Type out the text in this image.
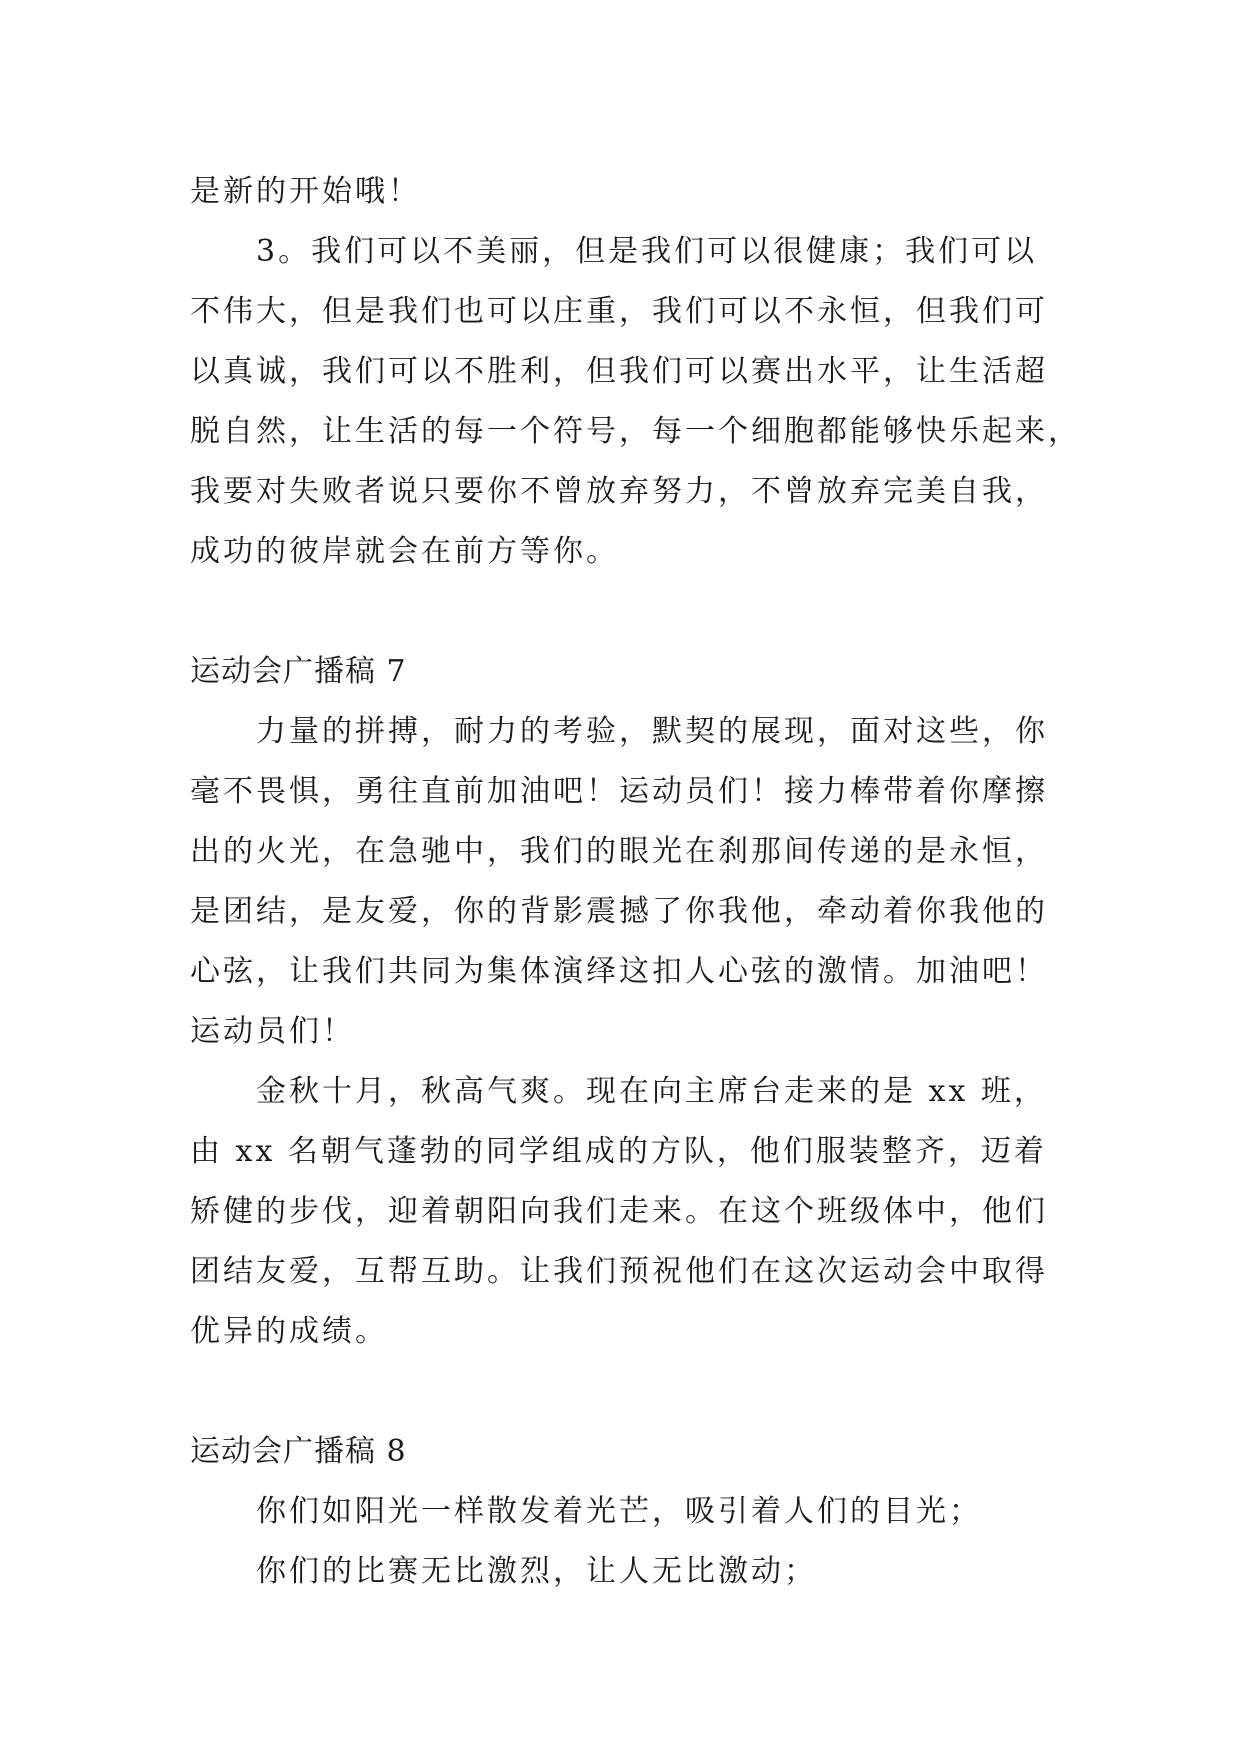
是新的开始哦！
3。我们可以不美丽，但是我们可以很健康；我们可以
不伟大，但是我们也可以庄重，我们可以不永恒，但我们可
以真诚，我们可以不胜利，但我们可以赛出水平，让生活超
脱自然，让生活的每一个符号，每一个细胞都能够快乐起来，
我要对失败者说只要你不曾放弃努力，不曾放弃完美自我，
成功的彼岸就会在前方等你。
运动会广播稿 7
力量的拼搏，耐力的考验，默契的展现，面对这些，你
毫不畏惧，勇往直前加油吧！运动员们！接力棒带着你摩擦
出的火光，在急驰中，我们的眼光在刹那间传递的是永恒，
是团结，是友爱，你的背影震撼了你我他，牵动着你我他的
心弦，让我们共同为集体演绎这扣人心弦的激情。加油吧！
运动员们！
金秋十月，秋高气爽。现在向主席台走来的是 xx 班，
由 xx 名朝气蓬勃的同学组成的方队，他们服装整齐，迈着
矫健的步伐，迎着朝阳向我们走来。在这个班级体中，他们
团结友爱，互帮互助。让我们预祝他们在这次运动会中取得
优异的成绩。
运动会广播稿 8
你们如阳光一样散发着光芒，吸引着人们的目光；
你们的比赛无比激烈，让人无比激动；
